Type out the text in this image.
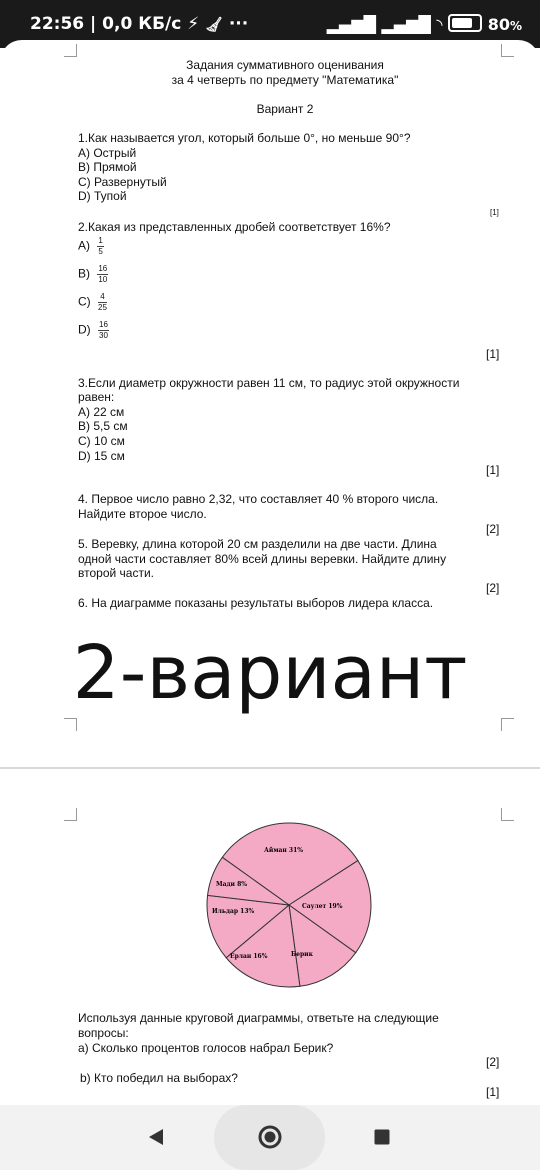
22:56 | 0,0 КБ/с ⚡ 🧹︎ ···	▂▄▆█ ▂▄▆█ ◝	80%
Задания суммативного оценивания
за 4 четверть по предмету "Математика"
Вариант 2
1.Как называется угол, который больше 0°, но меньше 90°?
A) Острый
B) Прямой
C) Развернутый
D) Тупой
[1]
2.Какая из представленных дробей соответствует 16%?
$A) \frac{1}{5}$
$B) \frac{16}{10}$
$C) \frac{4}{25}$
$D) \frac{16}{30}$
[1]
3.Если диаметр окружности равен 11 см, то радиус этой окружности
равен:
A) 22 см
B) 5,5 см
C) 10 см
D) 15 см
[1]
4. Первое число равно 2,32, что составляет 40 % второго числа.
Найдите второе число.
[2]
5. Веревку, длина которой 20 см разделили на две части. Длина
одной части составляет 80% всей длины веревки. Найдите длину
второй части.
[2]
6. На диаграмме показаны результаты выборов лидера класса.
2-вариант
Айман 31%
Саулет 19%
Берик
Ерлан 16%
Ильдар 13%
Мади 8%
Используя данные круговой диаграммы, ответьте на следующие
вопросы:
а) Сколько процентов голосов набрал Берик?
[2]
b) Кто победил на выборах?
[1]
